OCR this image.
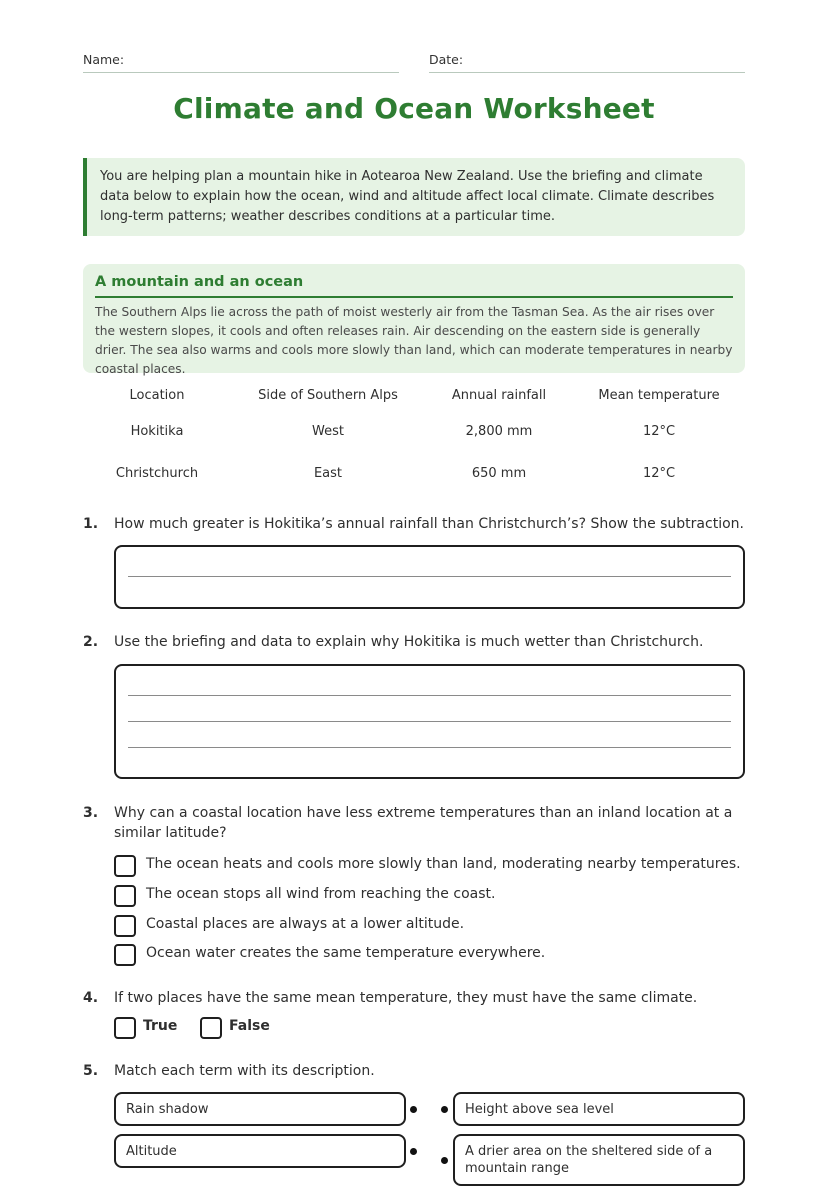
Name:	Date:
Climate and Ocean Worksheet
You are helping plan a mountain hike in Aotearoa New Zealand. Use the briefing and climate data below to explain how the ocean, wind and altitude affect local climate. Climate describes long-term patterns; weather describes conditions at a particular time.
A mountain and an ocean

The Southern Alps lie across the path of moist westerly air from the Tasman Sea. As the air rises over the western slopes, it cools and often releases rain. Air descending on the eastern side is generally drier. The sea also warms and cools more slowly than land, which can moderate temperatures in nearby coastal places.

Location	Side of Southern Alps	Annual rainfall	Mean temperature
Hokitika	West	2,800 mm	12°C
Christchurch	East	650 mm	12°C
1. How much greater is Hokitika’s annual rainfall than Christchurch’s? Show the subtraction.
2. Use the briefing and data to explain why Hokitika is much wetter than Christchurch.
3. Why can a coastal location have less extreme temperatures than an inland location at a similar latitude?
The ocean heats and cools more slowly than land, moderating nearby temperatures.
The ocean stops all wind from reaching the coast.
Coastal places are always at a lower altitude.
Ocean water creates the same temperature everywhere.
4. If two places have the same mean temperature, they must have the same climate.
True	False
5. Match each term with its description.
Rain shadow	Height above sea level
Altitude	A drier area on the sheltered side of a mountain range
